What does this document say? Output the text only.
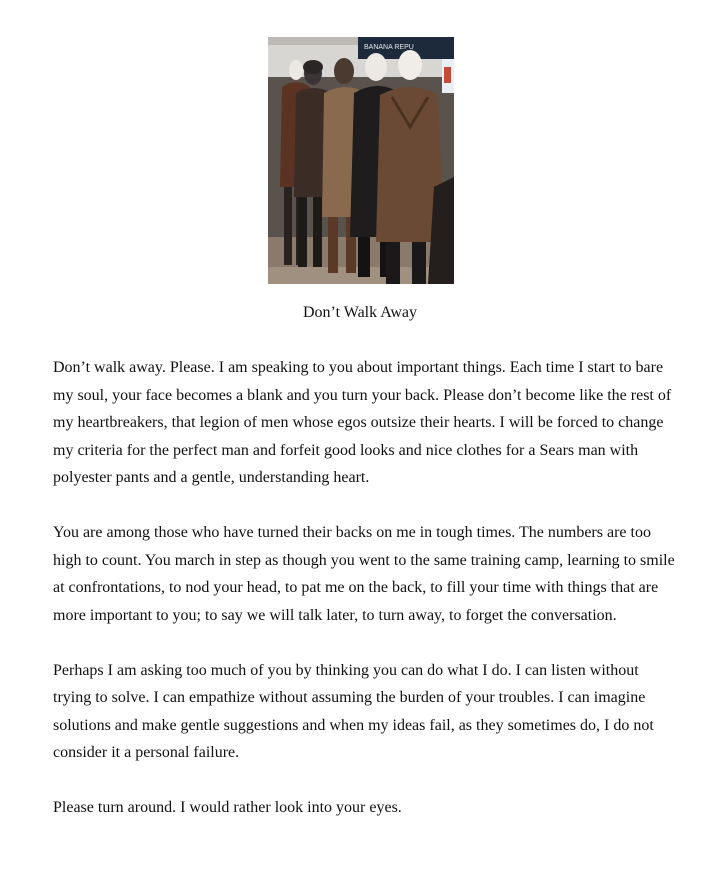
BANANA REPU
Don’t Walk Away

Don’t walk away. Please. I am speaking to you about important things. Each time I start to bare my soul, your face becomes a blank and you turn your back. Please don’t become like the rest of my heartbreakers, that legion of men whose egos outsize their hearts. I will be forced to change my criteria for the perfect man and forfeit good looks and nice clothes for a Sears man with polyester pants and a gentle, understanding heart.

You are among those who have turned their backs on me in tough times. The numbers are too high to count. You march in step as though you went to the same training camp, learning to smile at confrontations, to nod your head, to pat me on the back, to fill your time with things that are more important to you; to say we will talk later, to turn away, to forget the conversation.

Perhaps I am asking too much of you by thinking you can do what I do. I can listen without trying to solve. I can empathize without assuming the burden of your troubles. I can imagine solutions and make gentle suggestions and when my ideas fail, as they sometimes do, I do not consider it a personal failure.

Please turn around. I would rather look into your eyes.
